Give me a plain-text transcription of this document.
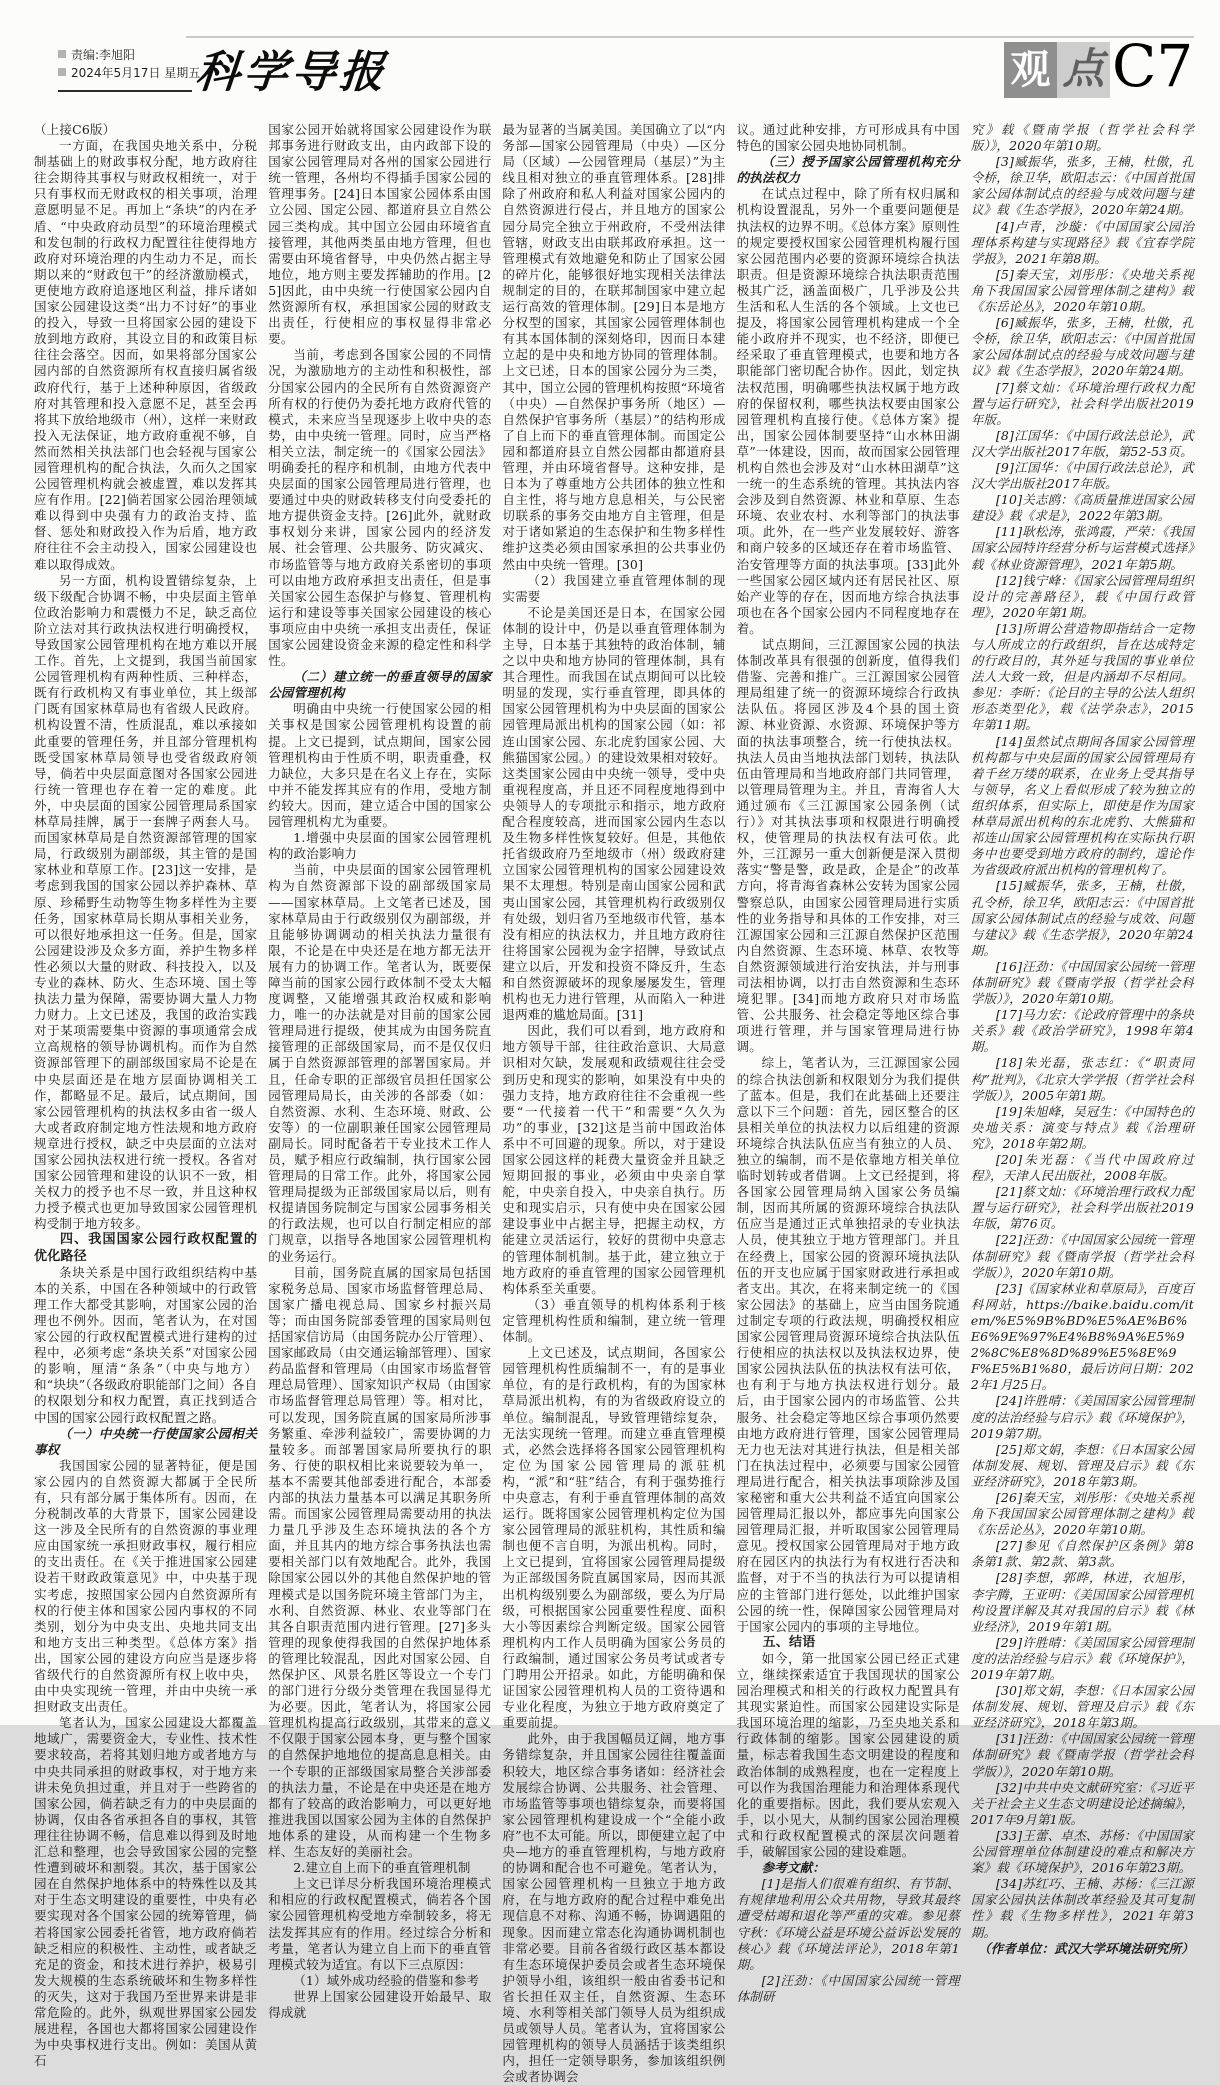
责编:李旭阳
2024年5月17日 星期五
科学导报	观 点 C7

（上接C6版）

一方面，在我国央地关系中，分税制基础上的财政事权分配，地方政府往往会期待其事权与财政权相统一，对于只有事权而无财政权的相关事项，治理意愿明显不足。再加上“条块”的内在矛盾、“中央政府动员型”的环境治理模式和发包制的行政权力配置往往使得地方政府对环境治理的内生动力不足，而长期以来的“财政包干”的经济激励模式，更使地方政府追逐地区利益，排斥诸如国家公园建设这类“出力不讨好”的事业的投入，导致一旦将国家公园的建设下放到地方政府，其设立目的和政策目标往往会落空。因而，如果将部分国家公园内部的自然资源所有权直接归属省级政府代行，基于上述种种原因，省级政府对其管理和投入意愿不足，甚至会再将其下放给地级市（州），这样一来财政投入无法保证，地方政府重视不够，自然而然相关执法部门也会轻视与国家公园管理机构的配合执法，久而久之国家公园管理机构就会被虚置，难以发挥其应有作用。[22]倘若国家公园治理领域难以得到中央强有力的政治支持、监督、惩处和财政投入作为后盾，地方政府往往不会主动投入，国家公园建设也难以取得成效。

另一方面，机构设置错综复杂，上级下级配合协调不畅，中央层面主管单位政治影响力和震慑力不足，缺乏高位阶立法对其行政执法权进行明确授权，导致国家公园管理机构在地方难以开展工作。首先，上文提到，我国当前国家公园管理机构有两种性质、三种样态，既有行政机构又有事业单位，其上级部门既有国家林草局也有省级人民政府。机构设置不清，性质混乱，难以承接如此重要的管理任务，并且部分管理机构既受国家林草局领导也受省级政府领导，倘若中央层面意图对各国家公园进行统一管理也存在着一定的难度。此外，中央层面的国家公园管理局系国家林草局挂牌，属于一套牌子两套人马。而国家林草局是自然资源部管理的国家局，行政级别为副部级，其主管的是国家林业和草原工作。[23]这一安排，是考虑到我国的国家公园以养护森林、草原、珍稀野生动物等生物多样性为主要任务，国家林草局长期从事相关业务，可以很好地承担这一任务。但是，国家公园建设涉及众多方面，养护生物多样性必须以大量的财政、科技投入，以及专业的森林、防火、生态环境、国土等执法力量为保障，需要协调大量人力物力财力。上文已述及，我国的政治实践对于某项需要集中资源的事项通常会成立高规格的领导协调机构。而作为自然资源部管理下的副部级国家局不论是在中央层面还是在地方层面协调相关工作，都略显不足。最后，试点期间，国家公园管理机构的执法权多由省一级人大或者政府制定地方性法规和地方政府规章进行授权，缺乏中央层面的立法对国家公园执法权进行统一授权。各省对国家公园管理和建设的认识不一致，相关权力的授予也不尽一致，并且这种权力授予模式也更加导致国家公园管理机构受制于地方较多。

四、我国国家公园行政权配置的优化路径

条块关系是中国行政组织结构中基本的关系，中国在各种领域中的行政管理工作大都受其影响，对国家公园的治理也不例外。因而，笔者认为，在对国家公园的行政权配置模式进行建构的过程中，必须考虑“条块关系”对国家公园的影响，厘清“条条”（中央与地方）和“块块”（各级政府职能部门之间）各自的权限划分和权力配置，真正找到适合中国的国家公园行政权配置之路。

（一）中央统一行使国家公园相关事权

我国国家公园的显著特征，便是国家公园内的自然资源大都属于全民所有，只有部分属于集体所有。因而，在分税制改革的大背景下，国家公园建设这一涉及全民所有的自然资源的事业理应由国家统一承担财政事权，履行相应的支出责任。在《关于推进国家公园建设若干财政政策意见》中，中央基于现实考虑，按照国家公园内自然资源所有权的行使主体和国家公园内事权的不同类别，划分为中央支出、央地共同支出和地方支出三种类型。《总体方案》指出，国家公园的建设方向应当是逐步将省级代行的自然资源所有权上收中央，由中央实现统一管理，并由中央统一承担财政支出责任。

笔者认为，国家公园建设大都覆盖地域广，需要资金大，专业性、技术性要求较高，若将其划归地方或者地方与中央共同承担的财政事权，对于地方来讲未免负担过重，并且对于一些跨省的国家公园，倘若缺乏有力的中央层面的协调，仅由各省承担各自的事权，其管理往往协调不畅，信息难以得到及时地汇总和整理，也会导致国家公园的完整性遭到破坏和割裂。其次，基于国家公园在自然保护地体系中的特殊性以及其对于生态文明建设的重要性，中央有必要实现对各个国家公园的统筹管理，倘若将国家公园委托省管，地方政府倘若缺乏相应的积极性、主动性，或者缺乏充足的资金，和技术进行养护，极易引发大规模的生态系统破坏和生物多样性的灭失，这对于我国乃至世界来讲是非常危险的。此外，纵观世界国家公园发展进程，各国也大都将国家公园建设作为中央事权进行支出。例如：美国从黄石

国家公园开始就将国家公园建设作为联邦事务进行财政支出，由内政部下设的国家公园管理局对各州的国家公园进行统一管理，各州均不得插手国家公园的管理事务。[24]日本国家公园体系由国立公园、国定公园、都道府县立自然公园三类构成。其中国立公园由环境省直接管理，其他两类虽由地方管理，但也需要由环境省督导，中央仍然占据主导地位，地方则主要发挥辅助的作用。[25]因此，由中央统一行使国家公园内自然资源所有权，承担国家公园的财政支出责任，行使相应的事权显得非常必要。

当前，考虑到各国家公园的不同情况，为激励地方的主动性和积极性，部分国家公园内的全民所有自然资源资产所有权的行使仍为委托地方政府代管的模式，未来应当呈现逐步上收中央的态势，由中央统一管理。同时，应当严格相关立法，制定统一的《国家公园法》明确委托的程序和机制，由地方代表中央层面的国家公园管理局进行管理，也要通过中央的财政转移支付向受委托的地方提供资金支持。[26]此外，就财政事权划分来讲，国家公园内的经济发展、社会管理、公共服务、防灾减灾、市场监管等与地方政府关系密切的事项可以由地方政府承担支出责任，但是事关国家公园生态保护与修复、管理机构运行和建设等事关国家公园建设的核心事项应由中央统一承担支出责任，保证国家公园建设资金来源的稳定性和科学性。

（二）建立统一的垂直领导的国家公园管理机构

明确由中央统一行使国家公园的相关事权是国家公园管理机构设置的前提。上文已提到，试点期间，国家公园管理机构由于性质不明，职责重叠，权力缺位，大多只是在名义上存在，实际中并不能发挥其应有的作用，受地方制约较大。因而，建立适合中国的国家公园管理机构尤为重要。

1.增强中央层面的国家公园管理机构的政治影响力

当前，中央层面的国家公园管理机构为自然资源部下设的副部级国家局——国家林草局。上文笔者已述及，国家林草局由于行政级别仅为副部级，并且能够协调调动的相关执法力量很有限，不论是在中央还是在地方都无法开展有力的协调工作。笔者认为，既要保障当前的国家公园行政体制不受太大幅度调整，又能增强其政治权威和影响力，唯一的办法就是对目前的国家公园管理局进行提级，使其成为由国务院直接管理的正部级国家局，而不是仅仅归属于自然资源部管理的部署国家局。并且，任命专职的正部级官员担任国家公园管理局局长，由关涉的各部委（如：自然资源、水利、生态环境、财政、公安等）的一位副职兼任国家公园管理局副局长。同时配备若干专业技术工作人员，赋予相应行政编制，执行国家公园管理局的日常工作。此外，将国家公园管理局提级为正部级国家局以后，则有权提请国务院制定与国家公园事务相关的行政法规，也可以自行制定相应的部门规章，以指导各地国家公园管理机构的业务运行。

目前，国务院直属的国家局包括国家税务总局、国家市场监督管理总局、国家广播电视总局、国家乡村振兴局等；而由国务院部委管理的国家局则包括国家信访局（由国务院办公厅管理）、国家邮政局（由交通运输部管理）、国家药品监督和管理局（由国家市场监督管理总局管理）、国家知识产权局（由国家市场监督管理总局管理）等。相对比，可以发现，国务院直属的国家局所涉事务繁重、牵涉利益较广，需要协调的力量较多。而部署国家局所要执行的职务、行使的职权相比来说要较为单一，基本不需要其他部委进行配合，本部委内部的执法力量基本可以满足其职务所需。而国家公园管理局需要动用的执法力量几乎涉及生态环境执法的各个方面，并且其内的地方综合事务执法也需要相关部门以有效地配合。此外，我国除国家公园以外的其他自然保护地的管理模式是以国务院环境主管部门为主，水利、自然资源、林业、农业等部门在其各自职责范围内进行管理。[27]多头管理的现象使得我国的自然保护地体系的管理比较混乱，因此对国家公园、自然保护区、风景名胜区等设立一个专门的部门进行分级分类管理在我国显得尤为必要。因此，笔者认为，将国家公园管理机构提高行政级别，其带来的意义不仅限于国家公园本身，更与整个国家的自然保护地地位的提高息息相关。由一个专职的正部级国家局整合关涉部委的执法力量，不论是在中央还是在地方都有了较高的政治影响力，可以更好地推进我国以国家公园为主体的自然保护地体系的建设，从而构建一个生物多样、生态友好的美丽社会。

2.建立自上而下的垂直管理机制

上文已详尽分析我国环境治理模式和相应的行政权配置模式，倘若各个国家公园管理机构受地方牵制较多，将无法发挥其应有的作用。经过综合分析和考量，笔者认为建立自上而下的垂直管理模式较为适宜。有以下三点原因：

（1）域外成功经验的借鉴和参考

世界上国家公园建设开始最早、取得成就

最为显著的当属美国。美国确立了以“内务部—国家公园管理局（中央）—区分局（区域）—公园管理局（基层）”为主线且相对独立的垂直管理体系。[28]排除了州政府和私人利益对国家公园内的自然资源进行侵占，并且地方的国家公园分局完全独立于州政府，不受州法律管辖，财政支出由联邦政府承担。这一管理模式有效地避免和防止了国家公园的碎片化，能够很好地实现相关法律法规制定的目的，在联邦制国家中建立起运行高效的管理体制。[29]日本是地方分权型的国家，其国家公园管理体制也有其本国体制的深刻烙印，因而日本建立起的是中央和地方协同的管理体制。上文已述，日本的国家公园分为三类，其中，国立公园的管理机构按照“环境省（中央）—自然保护事务所（地区）—自然保护官事务所（基层）”的结构形成了自上而下的垂直管理体制。而国定公园和都道府县立自然公园都由都道府县管理，并由环境省督导。这种安排，是日本为了尊重地方公共团体的独立性和自主性，将与地方息息相关，与公民密切联系的事务交由地方自主管理，但是对于诸如紧迫的生态保护和生物多样性维护这类必须由国家承担的公共事业仍然由中央统一管理。[30]

（2）我国建立垂直管理体制的现实需要

不论是美国还是日本，在国家公园体制的设计中，仍是以垂直管理体制为主导，日本基于其独特的政治体制，辅之以中央和地方协同的管理体制，具有其合理性。而我国在试点期间可以比较明显的发现，实行垂直管理，即具体的国家公园管理机构为中央层面的国家公园管理局派出机构的国家公园（如：祁连山国家公园、东北虎豹国家公园、大熊猫国家公园。）的建设效果相对较好。这类国家公园由中央统一领导，受中央重视程度高，并且还不同程度地得到中央领导人的专项批示和指示，地方政府配合程度较高，进而国家公园内生态以及生物多样性恢复较好。但是，其他依托省级政府乃至地级市（州）级政府建立国家公园管理机构的国家公园建设效果不太理想。特别是南山国家公园和武夷山国家公园，其管理机构行政级别仅有处级，划归省乃至地级市代管，基本没有相应的执法权力，并且地方政府往往将国家公园视为金字招牌，导致试点建立以后，开发和投资不降反升，生态和自然资源破坏的现象屡屡发生，管理机构也无力进行管理，从而陷入一种进退两难的尴尬局面。[31]

因此，我们可以看到，地方政府和地方领导干部，往往政治意识、大局意识相对欠缺，发展观和政绩观往往会受到历史和现实的影响，如果没有中央的强力支持，地方政府往往不会重视一些要“一代接着一代干”和需要“久久为功”的事业，[32]这是当前中国政治体系中不可回避的现象。所以，对于建设国家公园这样的耗费大量资金并且缺乏短期回报的事业，必须由中央亲自掌舵，中央亲自投入，中央亲自执行。历史和现实启示，只有使中央在国家公园建设事业中占据主导，把握主动权，方能建立灵活运行，较好的贯彻中央意志的管理体制机制。基于此，建立独立于地方政府的垂直管理的国家公园管理机构体系至关重要。

（3）垂直领导的机构体系利于核定管理机构性质和编制，建立统一管理体制。

上文已述及，试点期间，各国家公园管理机构性质编制不一，有的是事业单位，有的是行政机构，有的为国家林草局派出机构，有的为省级政府设立的单位。编制混乱，导致管理错综复杂，无法实现统一管理。而建立垂直管理模式，必然会选择将各国家公园管理机构定位为国家公园管理局的派驻机构，“派”和“驻”结合，有利于强势推行中央意志，有利于垂直管理体制的高效运行。既将国家公园管理机构定位为国家公园管理局的派驻机构，其性质和编制也便不言自明，为派出机构。同时，上文已提到，宜将国家公园管理局提级为正部级国务院直属国家局，因而其派出机构级别要么为副部级，要么为厅局级，可根据国家公园重要性程度、面积大小等因素综合判断定级。国家公园管理机构内工作人员明确为国家公务员的行政编制，通过国家公务员考试或者专门聘用公开招录。如此，方能明确和保证国家公园管理机构人员的工资待遇和专业化程度，为独立于地方政府奠定了重要前提。

此外，由于我国幅员辽阔，地方事务错综复杂，并且国家公园往往覆盖面积较大，地区综合事务诸如：经济社会发展综合协调、公共服务、社会管理、市场监管等事项也错综复杂，而要将国家公园管理机构建设成一个“全能小政府”也不太可能。所以，即便建立起了中央—地方的垂直管理机构，与地方政府的协调和配合也不可避免。笔者认为，国家公园管理机构一旦独立于地方政府，在与地方政府的配合过程中难免出现信息不对称、沟通不畅，协调遇阻的现象。因而建立常态化沟通协调机制也非常必要。目前各省级行政区基本都设有生态环境保护委员会或者生态环境保护领导小组，该组织一般由省委书记和省长担任双主任，自然资源、生态环境、水利等相关部门领导人员为组织成员或领导人员。笔者认为，宜将国家公园管理机构的领导人员涵括于该类组织内，担任一定领导职务，参加该组织例会或者协调会

议。通过此种安排，方可形成具有中国特色的国家公园央地协同机制。

（三）授予国家公园管理机构充分的执法权力

在试点过程中，除了所有权归属和机构设置混乱，另外一个重要问题便是执法权的边界不明。《总体方案》原则性的规定要授权国家公园管理机构履行国家公园范围内必要的资源环境综合执法职责。但是资源环境综合执法职责范围极其广泛，涵盖面极广，几乎涉及公共生活和私人生活的各个领域。上文也已提及，将国家公园管理机构建成一个全能小政府并不现实，也不经济，即便已经采取了垂直管理模式，也要和地方各职能部门密切配合协作。因此，划定执法权范围，明确哪些执法权属于地方政府的保留权利，哪些执法权要由国家公园管理机构直接行使。《总体方案》提出，国家公园体制要坚持“山水林田湖草”一体建设，因而，故而国家公园管理机构自然也会涉及对“山水林田湖草”这一统一的生态系统的管理。其执法内容会涉及到自然资源、林业和草原、生态环境、农业农村、水利等部门的执法事项。此外，在一些产业发展较好、游客和商户较多的区域还存在着市场监管、治安管理等方面的执法事项。[33]此外一些国家公园区域内还有居民社区、原始产业等的存在，因而地方综合执法事项也在各个国家公园内不同程度地存在着。

试点期间，三江源国家公园的执法体制改革具有很强的创新度，值得我们借鉴、完善和推广。三江源国家公园管理局组建了统一的资源环境综合行政执法队伍。将园区涉及4个县的国土资源、林业资源、水资源、环境保护等方面的执法事项整合，统一行使执法权。执法人员由当地执法部门划转，执法队伍由管理局和当地政府部门共同管理，以管理局管理为主。并且，青海省人大通过颁布《三江源国家公园条例（试行）》对其执法事项和权限进行明确授权，使管理局的执法权有法可依。此外，三江源另一重大创新便是深入贯彻落实“警是警，政是政，企是企”的改革方向，将青海省森林公安转为国家公园警察总队，由国家公园管理局进行实质性的业务指导和具体的工作安排，对三江源国家公园和三江源自然保护区范围内自然资源、生态环境、林草、农牧等自然资源领域进行治安执法，并与刑事司法相协调，以打击自然资源和生态环境犯罪。[34]而地方政府只对市场监管、公共服务、社会稳定等地区综合事项进行管理，并与国家管理局进行协调。

综上，笔者认为，三江源国家公园的综合执法创新和权限划分为我们提供了蓝本。但是，我们在此基础上还要注意以下三个问题：首先，园区整合的区县相关单位的执法权力以后组建的资源环境综合执法队伍应当有独立的人员、独立的编制，而不是依靠地方相关单位临时划转或者借调。上文已经提到，将各国家公园管理局纳入国家公务员编制，因而其所属的资源环境综合执法队伍应当是通过正式单独招录的专业执法人员，使其独立于地方管理部门。并且在经费上，国家公园的资源环境执法队伍的开支也应属于国家财政进行承担或者支出。其次，在将来制定统一的《国家公园法》的基础上，应当由国务院通过制定专项的行政法规，明确授权相应国家公园管理局资源环境综合执法队伍行使相应的执法权以及执法权边界，使国家公园执法队伍的执法权有法可依，也有利于与地方执法权进行划分。最后，由于国家公园内的市场监管、公共服务、社会稳定等地区综合事项仍然要由地方政府进行管理，国家公园管理局无力也无法对其进行执法，但是相关部门在执法过程中，必须要与国家公园管理局进行配合，相关执法事项除涉及国家秘密和重大公共利益不适宜向国家公园管理局汇报以外，都应事先向国家公园管理局汇报，并听取国家公园管理局意见。授权国家公园管理局对于地方政府在园区内的执法行为有权进行否决和监督，对于不当的执法行为可以提请相应的主管部门进行惩处，以此维护国家公园的统一性，保障国家公园管理局对于国家公园内的事项的主导地位。

五、结语

如今，第一批国家公园已经正式建立，继续探索适宜于我国现状的国家公园治理模式和相关的行政权力配置具有其现实紧迫性。而国家公园建设实际是我国环境治理的缩影，乃至央地关系和行政体制的缩影。国家公园建设的质量，标志着我国生态文明建设的程度和政治体制的成熟程度，也在一定程度上可以作为我国治理能力和治理体系现代化的重要指标。因此，我们要从宏观入手，以小见大，从制约国家公园治理模式和行政权配置模式的深层次问题着手，破解国家公园的建设难题。

参考文献：

[1]是指人们很难有组织、有节制、有规律地利用公众共用物，导致其最终遭受枯竭和退化等严重的灾难。参见蔡守秋：《环境公益是环境公益诉讼发展的核心》载《环境法评论》，2018年第1期。

[2]汪劲：《中国国家公园统一管理体制研

究》载《暨南学报（哲学社会科学版）》，2020年第10期。

[3]臧振华，张多，王楠，杜傲，孔令桥，徐卫华，欧阳志云：《中国首批国家公园体制试点的经验与成效问题与建议》载《生态学报》，2020年第24期。

[4]卢青，沙璇：《中国国家公园治理体系构建与实现路径》载《宜春学院学报》，2021年第8期。

[5]秦天宝，刘彤彤：《央地关系视角下我国国家公园管理体制之建构》载《东岳论丛》，2020年第10期。

[6]臧振华，张多，王楠，杜傲，孔令桥，徐卫华，欧阳志云：《中国首批国家公园体制试点的经验与成效问题与建议》载《生态学报》，2020年第24期。

[7]蔡文灿：《环境治理行政权力配置与运行研究》，社会科学出版社2019年版。

[8]江国华：《中国行政法总论》，武汉大学出版社2017年版，第52-53页。

[9]江国华：《中国行政法总论》，武汉大学出版社2017年版。

[10]关志鸥：《高质量推进国家公园建设》载《求是》，2022年第3期。

[11]耿松涛，张鸿霞，严荣：《我国国家公园特许经营分析与运营模式选择》载《林业资源管理》，2021年第5期。

[12]钱宁峰：《国家公园管理局组织设计的完善路径》，载《中国行政管理》，2020年第1期。

[13]所谓公营造物即指结合一定物与人所成立的行政组织，旨在达成特定的行政目的，其外延与我国的事业单位法人大致一致，但是内涵却不尽相同。参见：李昕：《论目的主导的公法人组织形态类型化》，载《法学杂志》，2015年第11期。

[14]虽然试点期间各国家公园管理机构都与中央层面的国家公园管理局有着千丝万缕的联系，在业务上受其指导与领导，名义上看似形成了较为独立的组织体系，但实际上，即使是作为国家林草局派出机构的东北虎豹、大熊猫和祁连山国家公园管理机构在实际执行职务中也要受到地方政府的制约，遑论作为省级政府派出机构的管理机构了。

[15]臧振华，张多，王楠，杜傲，孔令桥，徐卫华，欧阳志云：《中国首批国家公园体制试点的经验与成效、问题与建议》载《生态学报》，2020年第24期。

[16]汪劲：《中国国家公园统一管理体制研究》载《暨南学报（哲学社会科学版）》，2020年第10期。

[17]马力宏：《论政府管理中的条块关系》载《政治学研究》，1998年第4期。

[18]朱光磊，张志红：《“职责同构”批判》，《北京大学学报（哲学社会科学版）》，2005年第1期。

[19]朱旭峰，吴冠生：《中国特色的央地关系：演变与特点》载《治理研究》，2018年第2期。

[20]朱光磊：《当代中国政府过程》，天津人民出版社，2008年版。

[21]蔡文灿：《环境治理行政权力配置与运行研究》，社会科学出版社2019年版，第76页。

[22]汪劲：《中国国家公园统一管理体制研究》载《暨南学报（哲学社会科学版）》，2020年第10期。

[23]《国家林业和草原局》，百度百科网站，https://baike.baidu.com/item/%E5%9B%BD%E5%AE%B6%E6%9E%97%E4%B8%9A%E5%92%8C%E8%8D%89%E5%8E%9F%E5%B1%80，最后访问日期：2022年1月25日。

[24]许胜晴：《美国国家公园管理制度的法治经验与启示》载《环境保护》，2019第7期。

[25]郑文娟，李想：《日本国家公园体制发展、规划、管理及启示》载《东亚经济研究》，2018年第3期。

[26]秦天宝，刘彤彤：《央地关系视角下我国国家公园管理体制之建构》载《东岳论丛》，2020年第10期。

[27]参见《自然保护区条例》第8条第1款、第2款、第3款。

[28]李想，郭晔，林进，衣旭彤，李宇腾，王亚明：《美国国家公园管理机构设置详解及其对我国的启示》载《林业经济》，2019年第1期。

[29]许胜晴：《美国国家公园管理制度的法治经验与启示》载《环境保护》，2019年第7期。

[30]郑文娟，李想：《日本国家公园体制发展、规划、管理及启示》载《东亚经济研究》，2018年第3期。

[31]汪劲：《中国国家公园统一管理体制研究》载《暨南学报（哲学社会科学版）》，2020年第10期。

[32]中共中央文献研究室：《习近平关于社会主义生态文明建设论述摘编》，2017年9月第1版。

[33]王蕾、卓杰、苏杨：《中国国家公园管理单位体制建设的难点和解决方案》载《环境保护》，2016年第23期。

[34]苏红巧、王楠、苏杨：《三江源国家公园执法体制改革经验及其可复制性》载《生物多样性》，2021年第3期。

（作者单位：武汉大学环境法研究所）
